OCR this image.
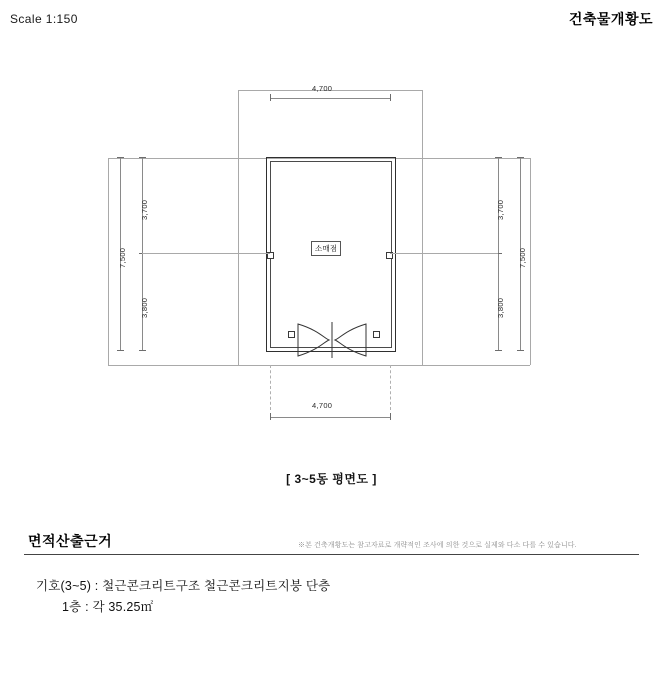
Scale 1:150	건축물개황도
소매점
4,700
4,700
3,700
3,800
7,500
3,700
3,800
7,500
[ 3~5동 평면도 ]
면적산출근거	※본 건축개황도는 참고자료로 개략적인 조사에 의한 것으로 실제와 다소 다를 수 있습니다.
기호(3~5) : 철근콘크리트구조 철근콘크리트지붕 단층
1층 : 각 35.25㎡
